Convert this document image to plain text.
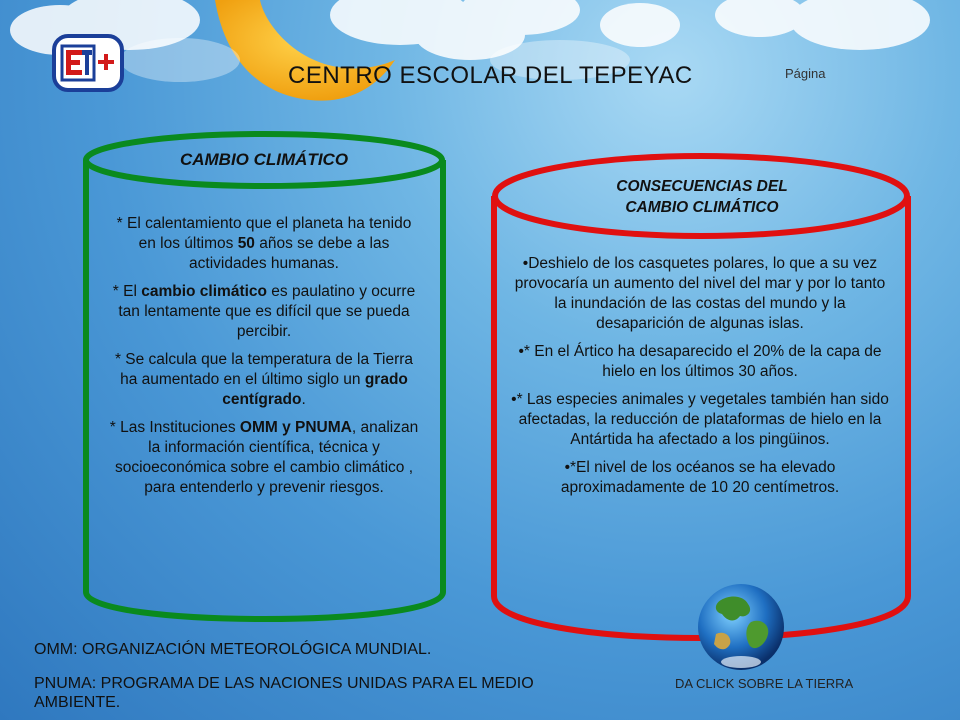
CENTRO ESCOLAR DEL TEPEYAC	Página
CAMBIO CLIMÁTICO

* El calentamiento que el planeta ha tenido en los últimos 50 años se debe a las actividades humanas.

* El cambio climático es paulatino y ocurre tan lentamente que es difícil que se pueda percibir.

* Se calcula que la temperatura de la Tierra ha aumentado en el último siglo un grado centígrado.

* Las Instituciones OMM y PNUMA, analizan la información científica, técnica y socioeconómica sobre el cambio climático , para entenderlo y prevenir riesgos.

CONSECUENCIAS DEL CAMBIO CLIMÁTICO

•Deshielo de los casquetes polares, lo que a su vez provocaría un aumento del nivel del mar y por lo tanto la inundación de las costas del mundo y la desaparición de algunas islas.

•* En el Ártico ha desaparecido el 20% de la capa de hielo en los últimos 30 años.

•* Las especies animales y vegetales también han sido afectadas, la reducción de plataformas de hielo en la Antártida ha afectado a los pingüinos.

•*El nivel de los océanos se ha elevado aproximadamente de 10 20 centímetros.

OMM: ORGANIZACIÓN METEOROLÓGICA MUNDIAL.
PNUMA: PROGRAMA DE LAS NACIONES UNIDAS PARA EL MEDIO AMBIENTE.
DA CLICK SOBRE LA TIERRA
